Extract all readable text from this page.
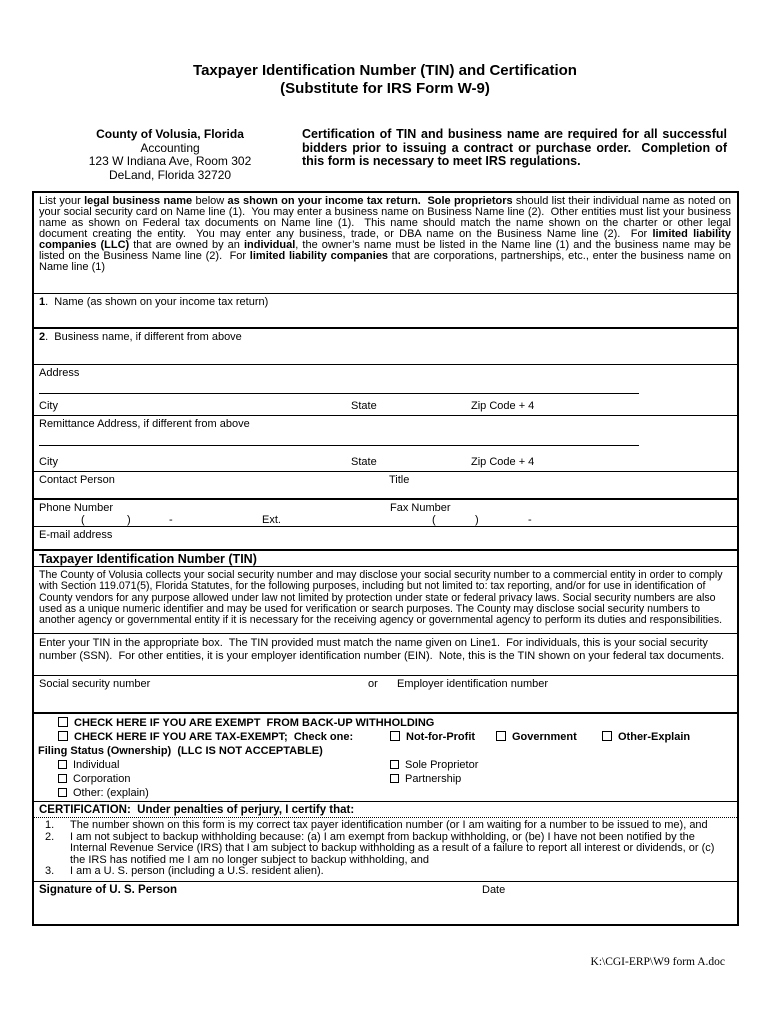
Taxpayer Identification Number (TIN) and Certification
(Substitute for IRS Form W-9)
County of Volusia, Florida
Accounting
123 W Indiana Ave, Room 302
DeLand, Florida 32720
Certification of TIN and business name are required for all successful bidders prior to issuing a contract or purchase order.  Completion of this form is necessary to meet IRS regulations.
List your legal business name below as shown on your income tax return.  Sole proprietors should list their individual name as noted on your social security card on Name line (1).  You may enter a business name on Business Name line (2).  Other entities must list your business name as shown on Federal tax documents on Name line (1).  This name should match the name shown on the charter or other legal document creating the entity.  You may enter any business, trade, or DBA name on the Business Name line (2).  For limited liability companies (LLC) that are owned by an individual, the owner’s name must be listed in the Name line (1) and the business name may be listed on the Business Name line (2).  For limited liability companies that are corporations, partnerships, etc., enter the business name on Name line (1)
1.  Name (as shown on your income tax return)
2.  Business name, if different from above
Address
City	State	Zip Code + 4
Remittance Address, if different from above
City	State	Zip Code + 4
Contact Person	Title
Phone Number	Fax Number
(	)	-	Ext.	(	)	-
E-mail address
Taxpayer Identification Number (TIN)
The County of Volusia collects your social security number and may disclose your social security number to a commercial entity in order to comply with Section 119.071(5), Florida Statutes, for the following purposes, including but not limited to: tax reporting, and/or for use in identification of County vendors for any purpose allowed under law not limited by protection under state or federal privacy laws. Social security numbers are also used as a unique numeric identifier and may be used for verification or search purposes. The County may disclose social security numbers to another agency or governmental entity if it is necessary for the receiving agency or governmental agency to perform its duties and responsibilities.
Enter your TIN in the appropriate box.  The TIN provided must match the name given on Line1.  For individuals, this is your social security number (SSN).  For other entities, it is your employer identification number (EIN).  Note, this is the TIN shown on your federal tax documents.
Social security number	or Employer identification number
CHECK HERE IF YOU ARE EXEMPT  FROM BACK-UP WITHHOLDING
CHECK HERE IF YOU ARE TAX-EXEMPT;  Check one:	Not-for-Profit	Government	Other-Explain
Filing Status (Ownership)  (LLC IS NOT ACCEPTABLE)
Individual	Sole Proprietor
Corporation	Partnership
Other: (explain)
CERTIFICATION:  Under penalties of perjury, I certify that:
1. The number shown on this form is my correct tax payer identification number (or I am waiting for a number to be issued to me), and
2. I am not subject to backup withholding because: (a) I am exempt from backup withholding, or (be) I have not been notified by the Internal Revenue Service (IRS) that I am subject to backup withholding as a result of a failure to report all interest or dividends, or (c) the IRS has notified me I am no longer subject to backup withholding, and
3. I am a U. S. person (including a U.S. resident alien).
Signature of U. S. Person	Date
K:\CGI-ERP\W9 form A.doc
